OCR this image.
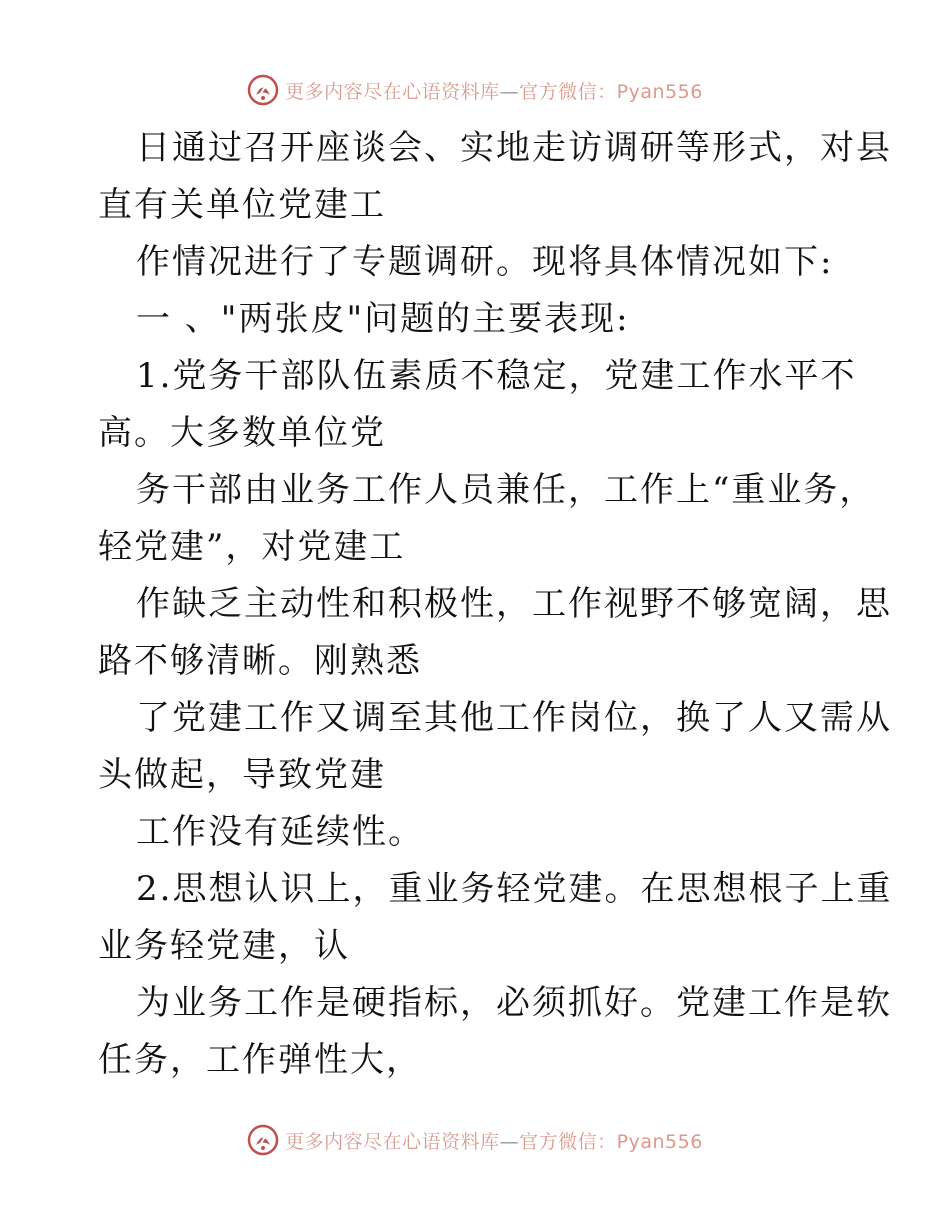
更多内容尽在心语资料库—官方微信：Pyan556
日通过召开座谈会、实地走访调研等形式，对县
直有关单位党建工
作情况进行了专题调研。现将具体情况如下:
一 、"两张皮"问题的主要表现:
1.党务干部队伍素质不稳定，党建工作水平不
高。大多数单位党
务干部由业务工作人员兼任，工作上“重业务，
轻党建”，对党建工
作缺乏主动性和积极性，工作视野不够宽阔，思
路不够清晰。刚熟悉
了党建工作又调至其他工作岗位，换了人又需从
头做起，导致党建
工作没有延续性。
2.思想认识上，重业务轻党建。在思想根子上重
业务轻党建，认
为业务工作是硬指标，必须抓好。党建工作是软
任务，工作弹性大，
更多内容尽在心语资料库—官方微信：Pyan556
